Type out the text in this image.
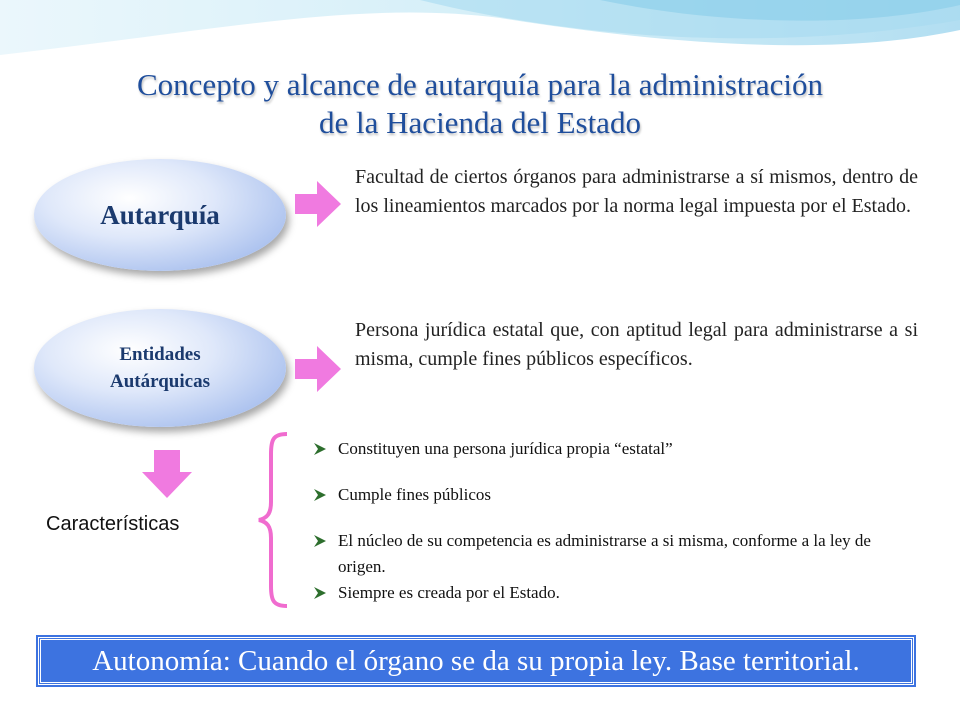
Concepto y alcance de autarquía para la administración
de la Hacienda del Estado
Autarquía
Facultad de ciertos órganos para administrarse a sí mismos, dentro de los lineamientos marcados por la norma legal impuesta por el Estado.
Entidades
Autárquicas
Persona jurídica estatal que, con aptitud legal para administrarse a si misma, cumple fines públicos específicos.
Características
Constituyen una persona jurídica propia “estatal”
Cumple fines públicos
El núcleo de su competencia es administrarse a si misma, conforme a la ley de origen.
Siempre es creada por el Estado.
Autonomía: Cuando el órgano se da su propia ley. Base territorial.
